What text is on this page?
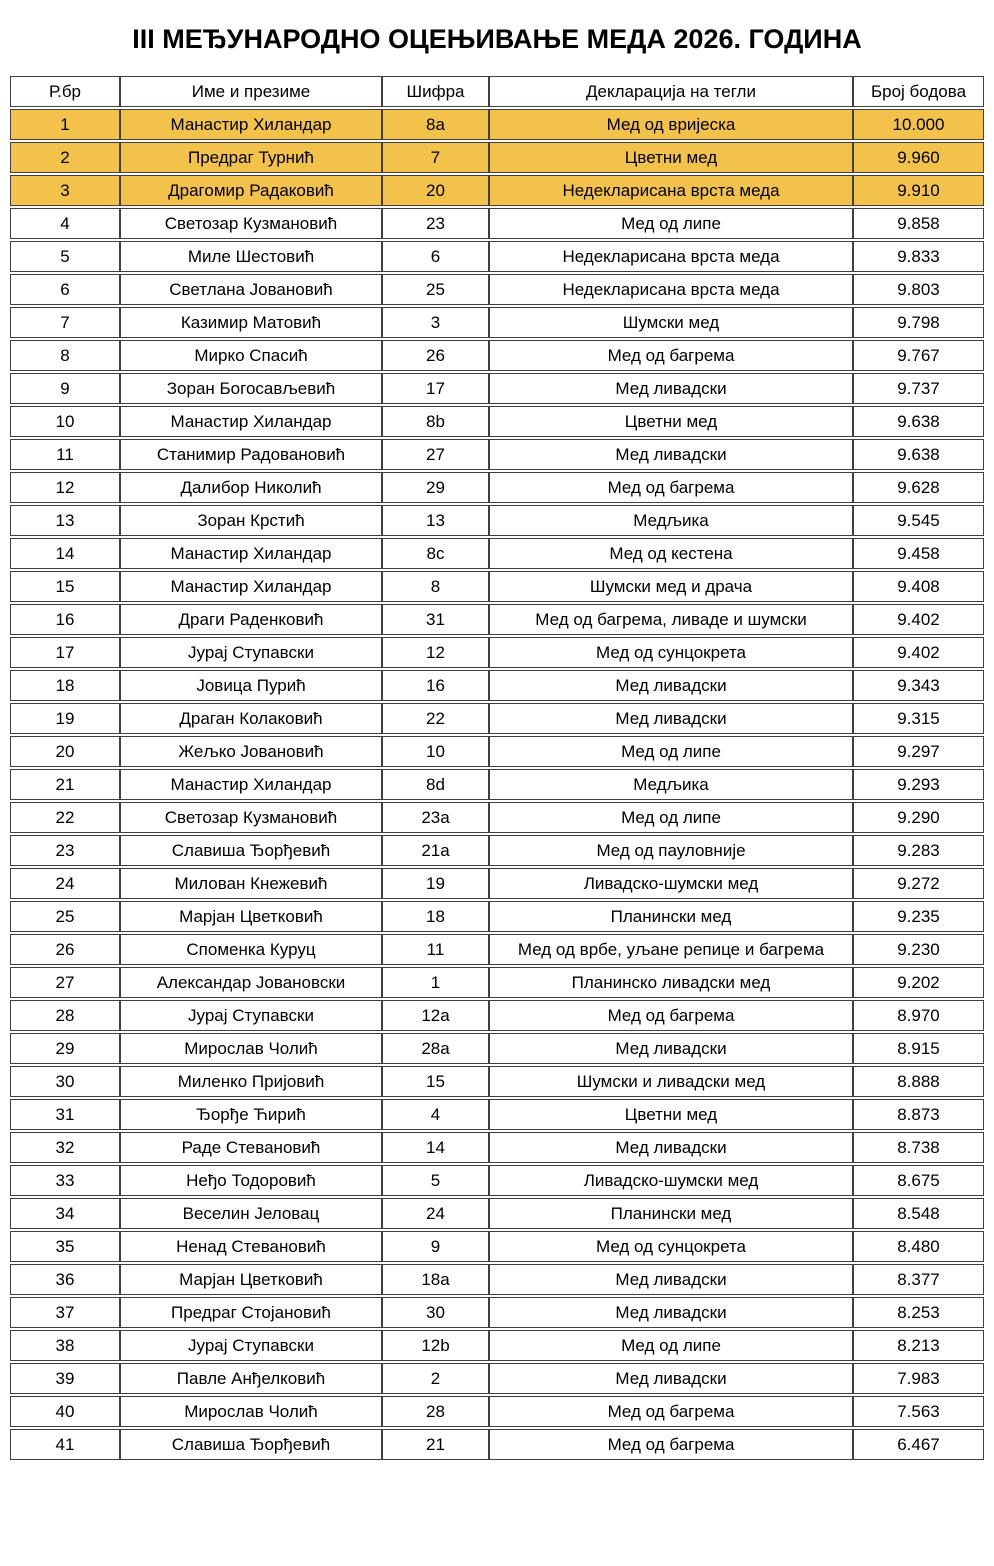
III МЕЂУНАРОДНО ОЦЕЊИВАЊЕ МЕДА 2026. ГОДИНА
Р.бр	Име и презиме	Шифра	Декларација на тегли	Број бодова
1	Манастир Хиландар	8a	Мед од вријеска	10.000
2	Предраг Турнић	7	Цветни мед	9.960
3	Драгомир Радаковић	20	Недекларисана врста меда	9.910
4	Светозар Кузмановић	23	Мед од липе	9.858
5	Миле Шестовић	6	Недекларисана врста меда	9.833
6	Светлана Јовановић	25	Недекларисана врста меда	9.803
7	Казимир Матовић	3	Шумски мед	9.798
8	Мирко Спасић	26	Мед од багрема	9.767
9	Зоран Богосављевић	17	Мед ливадски	9.737
10	Манастир Хиландар	8b	Цветни мед	9.638
11	Станимир Радовановић	27	Мед ливадски	9.638
12	Далибор Николић	29	Мед од багрема	9.628
13	Зоран Крстић	13	Медљика	9.545
14	Манастир Хиландар	8c	Мед од кестена	9.458
15	Манастир Хиландар	8	Шумски мед и драча	9.408
16	Драги Раденковић	31	Мед од багрема, ливаде и шумски	9.402
17	Јурај Ступавски	12	Мед од сунцокрета	9.402
18	Јовица Пурић	16	Мед ливадски	9.343
19	Драган Колаковић	22	Мед ливадски	9.315
20	Жељко Јовановић	10	Мед од липе	9.297
21	Манастир Хиландар	8d	Медљика	9.293
22	Светозар Кузмановић	23a	Мед од липе	9.290
23	Славиша Ђорђевић	21a	Мед од пауловније	9.283
24	Милован Кнежевић	19	Ливадско-шумски мед	9.272
25	Марјан Цветковић	18	Планински мед	9.235
26	Споменка Куруц	11	Мед од врбе, уљане репице и багрема	9.230
27	Александар Јовановски	1	Планинско ливадски мед	9.202
28	Јурај Ступавски	12a	Мед од багрема	8.970
29	Мирослав Чолић	28a	Мед ливадски	8.915
30	Миленко Пријовић	15	Шумски и ливадски мед	8.888
31	Ђорђе Ћирић	4	Цветни мед	8.873
32	Раде Стевановић	14	Мед ливадски	8.738
33	Неђо Тодоровић	5	Ливадско-шумски мед	8.675
34	Веселин Јеловац	24	Планински мед	8.548
35	Ненад Стевановић	9	Мед од сунцокрета	8.480
36	Марјан Цветковић	18a	Мед ливадски	8.377
37	Предраг Стојановић	30	Мед ливадски	8.253
38	Јурај Ступавски	12b	Мед од липе	8.213
39	Павле Анђелковић	2	Мед ливадски	7.983
40	Мирослав Чолић	28	Мед од багрема	7.563
41	Славиша Ђорђевић	21	Мед од багрема	6.467
